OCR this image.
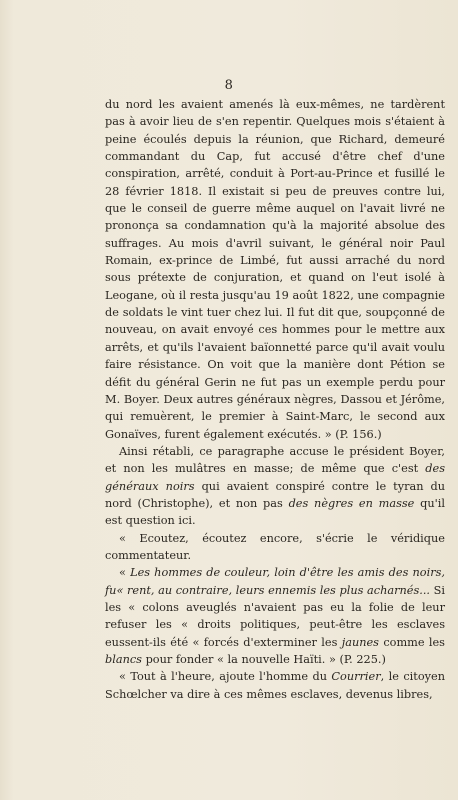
8

du nord les avaient amenés là eux-mêmes, ne tardèrent pas à avoir lieu de s'en repentir. Quelques mois s'étaient à peine écoulés depuis la réunion, que Richard, demeuré commandant du Cap, fut accusé d'être chef d'une conspiration, arrêté, conduit à Port-au-Prince et fusillé le 28 février 1818. Il existait si peu de preuves contre lui, que le conseil de guerre même auquel on l'avait livré ne prononça sa condamnation qu'à la majorité absolue des suffrages. Au mois d'avril suivant, le général noir Paul Romain, ex-prince de Limbé, fut aussi arraché du nord sous prétexte de conjuration, et quand on l'eut isolé à Leogane, où il resta jusqu'au 19 août 1822, une compagnie de soldats le vint tuer chez lui. Il fut dit que, soupçonné de nouveau, on avait envoyé ces hommes pour le mettre aux arrêts, et qu'ils l'avaient baïonnetté parce qu'il avait voulu faire résistance. On voit que la manière dont Pétion se défit du général Gerin ne fut pas un exemple perdu pour M. Boyer. Deux autres généraux nègres, Dassou et Jérôme, qui remuèrent, le premier à Saint-Marc, le second aux Gonaïves, furent également exécutés. » (P. 156.)

Ainsi rétabli, ce paragraphe accuse le président Boyer, et non les mulâtres en masse; de même que c'est des généraux noirs qui avaient conspiré contre le tyran du nord (Christophe), et non pas des nègres en masse qu'il est question ici.

« Ecoutez, écoutez encore, s'écrie le véridique commentateur.

« Les hommes de couleur, loin d'être les amis des noirs, fu« rent, au contraire, leurs ennemis les plus acharnés... Si les « colons aveuglés n'avaient pas eu la folie de leur refuser les « droits politiques, peut-être les esclaves eussent-ils été « forcés d'exterminer les jaunes comme les blancs pour fonder « la nouvelle Haïti. » (P. 225.)

« Tout à l'heure, ajoute l'homme du Courrier, le citoyen Schœlcher va dire à ces mêmes esclaves, devenus libres,
